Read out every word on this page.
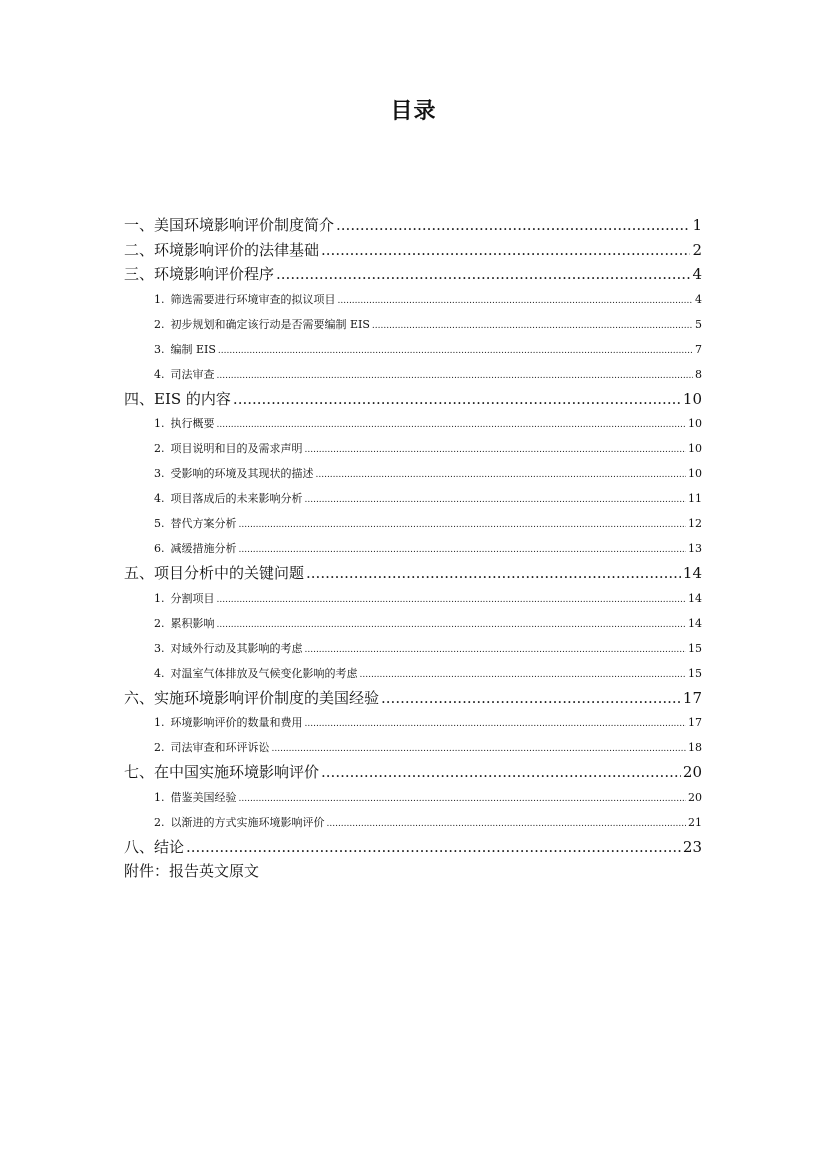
目录
一、美国环境影响评价制度简介 .....	1
二、环境影响评价的法律基础 .....	2
三、环境影响评价程序 .....	4
1. 筛选需要进行环境审查的拟议项目 .....	4
2. 初步规划和确定该行动是否需要编制 EIS .....	5
3. 编制 EIS .....	7
4. 司法审查 .....	8
四、EIS 的内容 .....	10
1. 执行概要 .....	10
2. 项目说明和目的及需求声明 .....	10
3. 受影响的环境及其现状的描述 .....	10
4. 项目落成后的未来影响分析 .....	11
5. 替代方案分析 .....	12
6. 减缓措施分析 .....	13
五、项目分析中的关键问题 .....	14
1. 分割项目 .....	14
2. 累积影响 .....	14
3. 对域外行动及其影响的考虑 .....	15
4. 对温室气体排放及气候变化影响的考虑 .....	15
六、实施环境影响评价制度的美国经验 .....	17
1. 环境影响评价的数量和费用 .....	17
2. 司法审查和环评诉讼 .....	18
七、在中国实施环境影响评价 .....	20
1. 借鉴美国经验 .....	20
2. 以渐进的方式实施环境影响评价 .....	21
八、结论 .....	23
附件：报告英文原文
